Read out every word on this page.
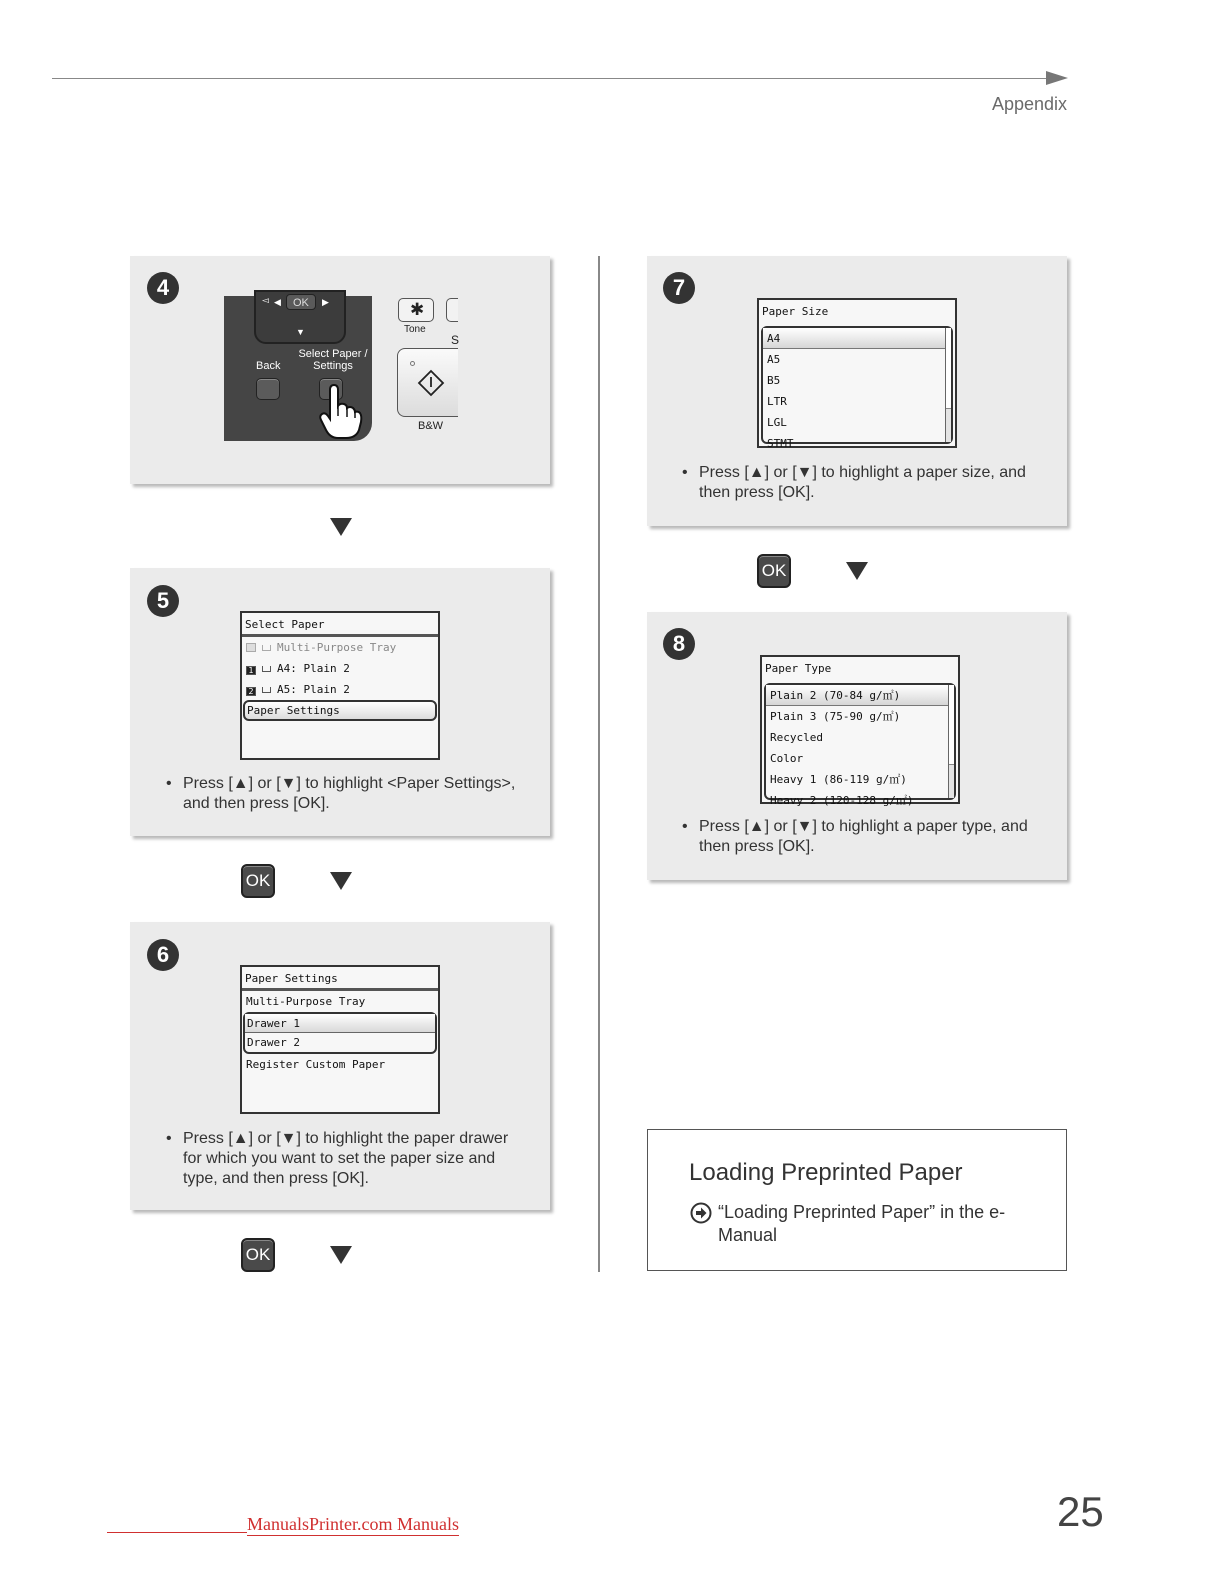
Appendix
4	◅ OK
◀	▶
▼
Back
Select Paper /
Settings
✱
Tone
S
B&W
5
Select Paper
Multi-Purpose Tray
1 A4: Plain 2
2 A5: Plain 2
Paper Settings
• Press [▲] or [▼] to highlight <Paper Settings>, and then press [OK].
OK
6
Paper Settings
Multi-Purpose Tray
Drawer 1
Drawer 2
Register Custom Paper
• Press [▲] or [▼] to highlight the paper drawer for which you want to set the paper size and type, and then press [OK].
OK
7
Paper Size
A4
A5
B5
LTR
LGL
STMT
• Press [▲] or [▼] to highlight a paper size, and then press [OK].
OK
8
Paper Type
Plain 2 (70-84 g/㎡)
Plain 3 (75-90 g/㎡)
Recycled
Color
Heavy 1 (86-119 g/㎡)
Heavy 2 (120-128 g/㎡)
• Press [▲] or [▼] to highlight a paper type, and then press [OK].
Loading Preprinted Paper
“Loading Preprinted Paper” in the e-Manual
ManualsPrinter.com Manuals	25
